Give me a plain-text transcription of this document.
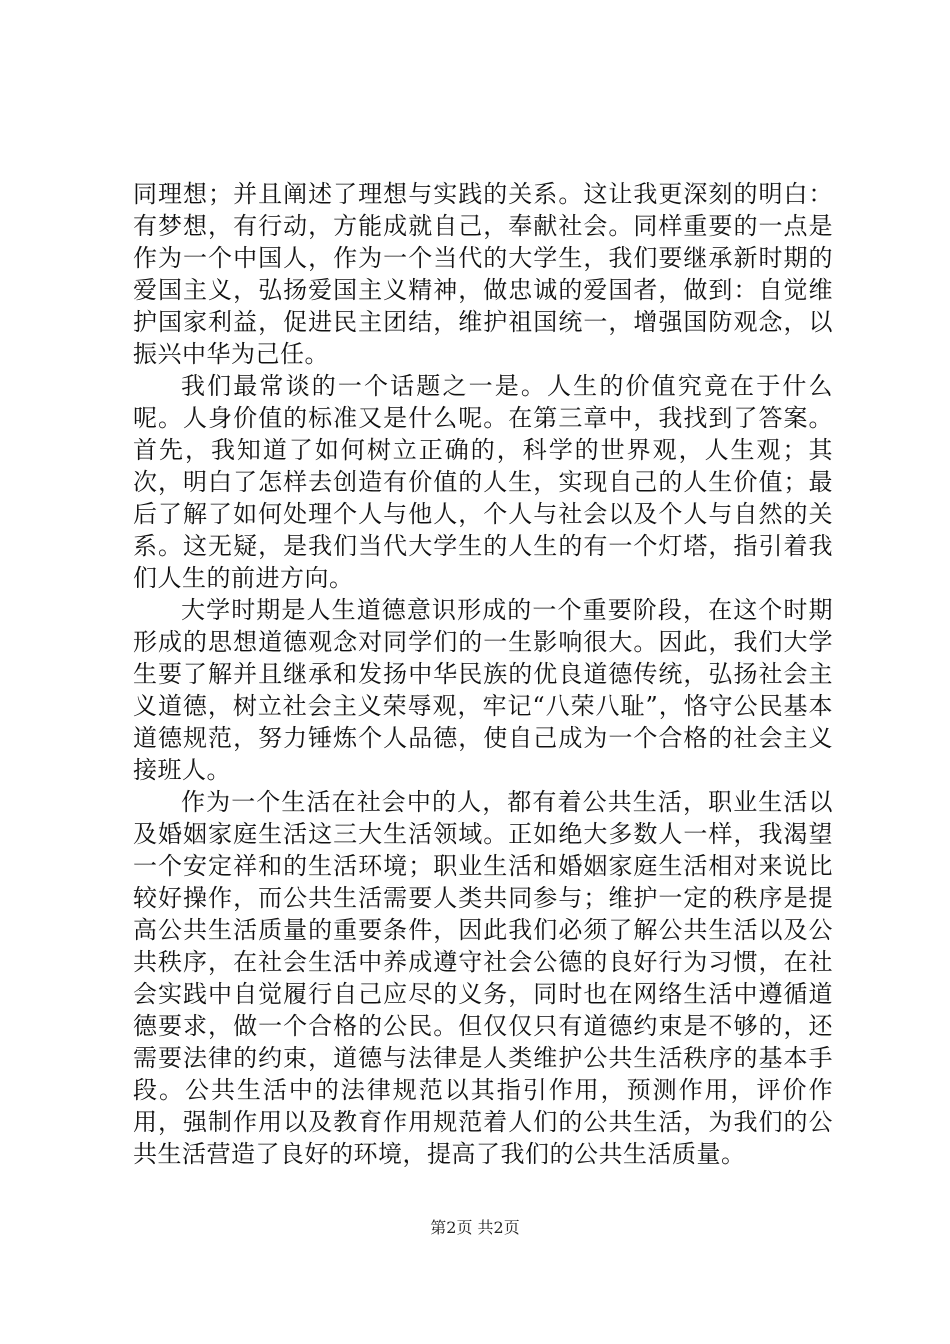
同理想；并且阐述了理想与实践的关系。这让我更深刻的明白：有梦想，有行动，方能成就自己，奉献社会。同样重要的一点是作为一个中国人，作为一个当代的大学生，我们要继承新时期的爱国主义，弘扬爱国主义精神，做忠诚的爱国者，做到：自觉维护国家利益，促进民主团结，维护祖国统一，增强国防观念，以振兴中华为己任。

我们最常谈的一个话题之一是。人生的价值究竟在于什么呢。人身价值的标准又是什么呢。在第三章中，我找到了答案。首先，我知道了如何树立正确的，科学的世界观，人生观；其次，明白了怎样去创造有价值的人生，实现自己的人生价值；最后了解了如何处理个人与他人，个人与社会以及个人与自然的关系。这无疑，是我们当代大学生的人生的有一个灯塔，指引着我们人生的前进方向。

大学时期是人生道德意识形成的一个重要阶段，在这个时期形成的思想道德观念对同学们的一生影响很大。因此，我们大学生要了解并且继承和发扬中华民族的优良道德传统，弘扬社会主义道德，树立社会主义荣辱观，牢记“八荣八耻”，恪守公民基本道德规范，努力锤炼个人品德，使自己成为一个合格的社会主义接班人。

作为一个生活在社会中的人，都有着公共生活，职业生活以及婚姻家庭生活这三大生活领域。正如绝大多数人一样，我渴望一个安定祥和的生活环境；职业生活和婚姻家庭生活相对来说比较好操作，而公共生活需要人类共同参与；维护一定的秩序是提高公共生活质量的重要条件，因此我们必须了解公共生活以及公共秩序，在社会生活中养成遵守社会公德的良好行为习惯，在社会实践中自觉履行自己应尽的义务，同时也在网络生活中遵循道德要求，做一个合格的公民。但仅仅只有道德约束是不够的，还需要法律的约束，道德与法律是人类维护公共生活秩序的基本手段。公共生活中的法律规范以其指引作用，预测作用，评价作用，强制作用以及教育作用规范着人们的公共生活，为我们的公共生活营造了良好的环境，提高了我们的公共生活质量。

第2页 共2页
